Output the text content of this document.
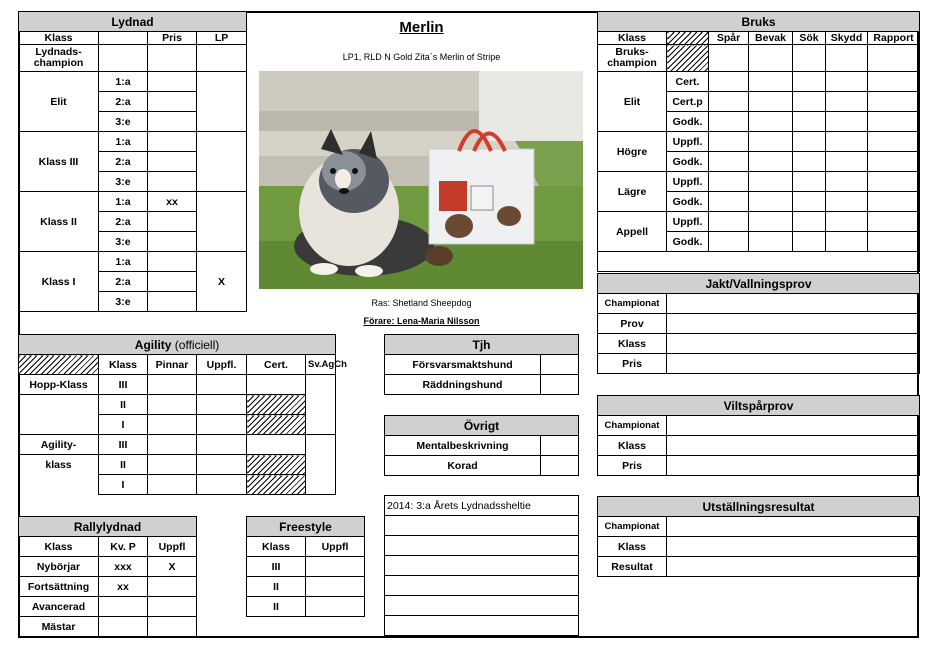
Lydnad			
Klass		Pris	LP
Lydnads-
champion			
Elit	1:a		
	2:a		
	3:e		
Klass III	1:a		
	2:a		
	3:e		
Klass II	1:a	xx	
	2:a		
	3:e		
Klass I	1:a		X
	2:a		
	3:e		
Merlin
LP1, RLD N Gold Zita´s Merlin of Stripe
Ras: Shetland Sheepdog
Förare: Lena-Maria Nilsson
Agility (officiell)					
	Klass	Pinnar	Uppfl.	Cert.	Sv.AgCh
Hopp-Klass	III				
	II				
	I				
Agility-	III				
klass	II				
	I				
Rallylydnad		
Klass	Kv. P	Uppfl
Nybörjar	xxx	X
Fortsättning	xx	
Avancerad		
Mästar		
Freestyle	
Klass	Uppfl
III	
II	
II	
Tjh	
Försvarsmaktshund	
Räddningshund	
Övrigt	
Mentalbeskrivning	
Korad	

2014: 3:a Årets Lydnadssheltie	

Bruks						
Klass		Spår	Bevak	Sök	Skydd	Rapport
Bruks-
champion						
Elit	Cert.					
	Cert.p					
	Godk.					
Högre	Uppfl.					
	Godk.					
Lägre	Uppfl.					
	Godk.					
Appell	Uppfl.					
	Godk.					

Jakt/Vallningsprov	
Championat	
Prov	
Klass	
Pris	
Viltspårprov	
Championat	
Klass	
Pris	
Utställningsresultat	
Championat	
Klass	
Resultat	
